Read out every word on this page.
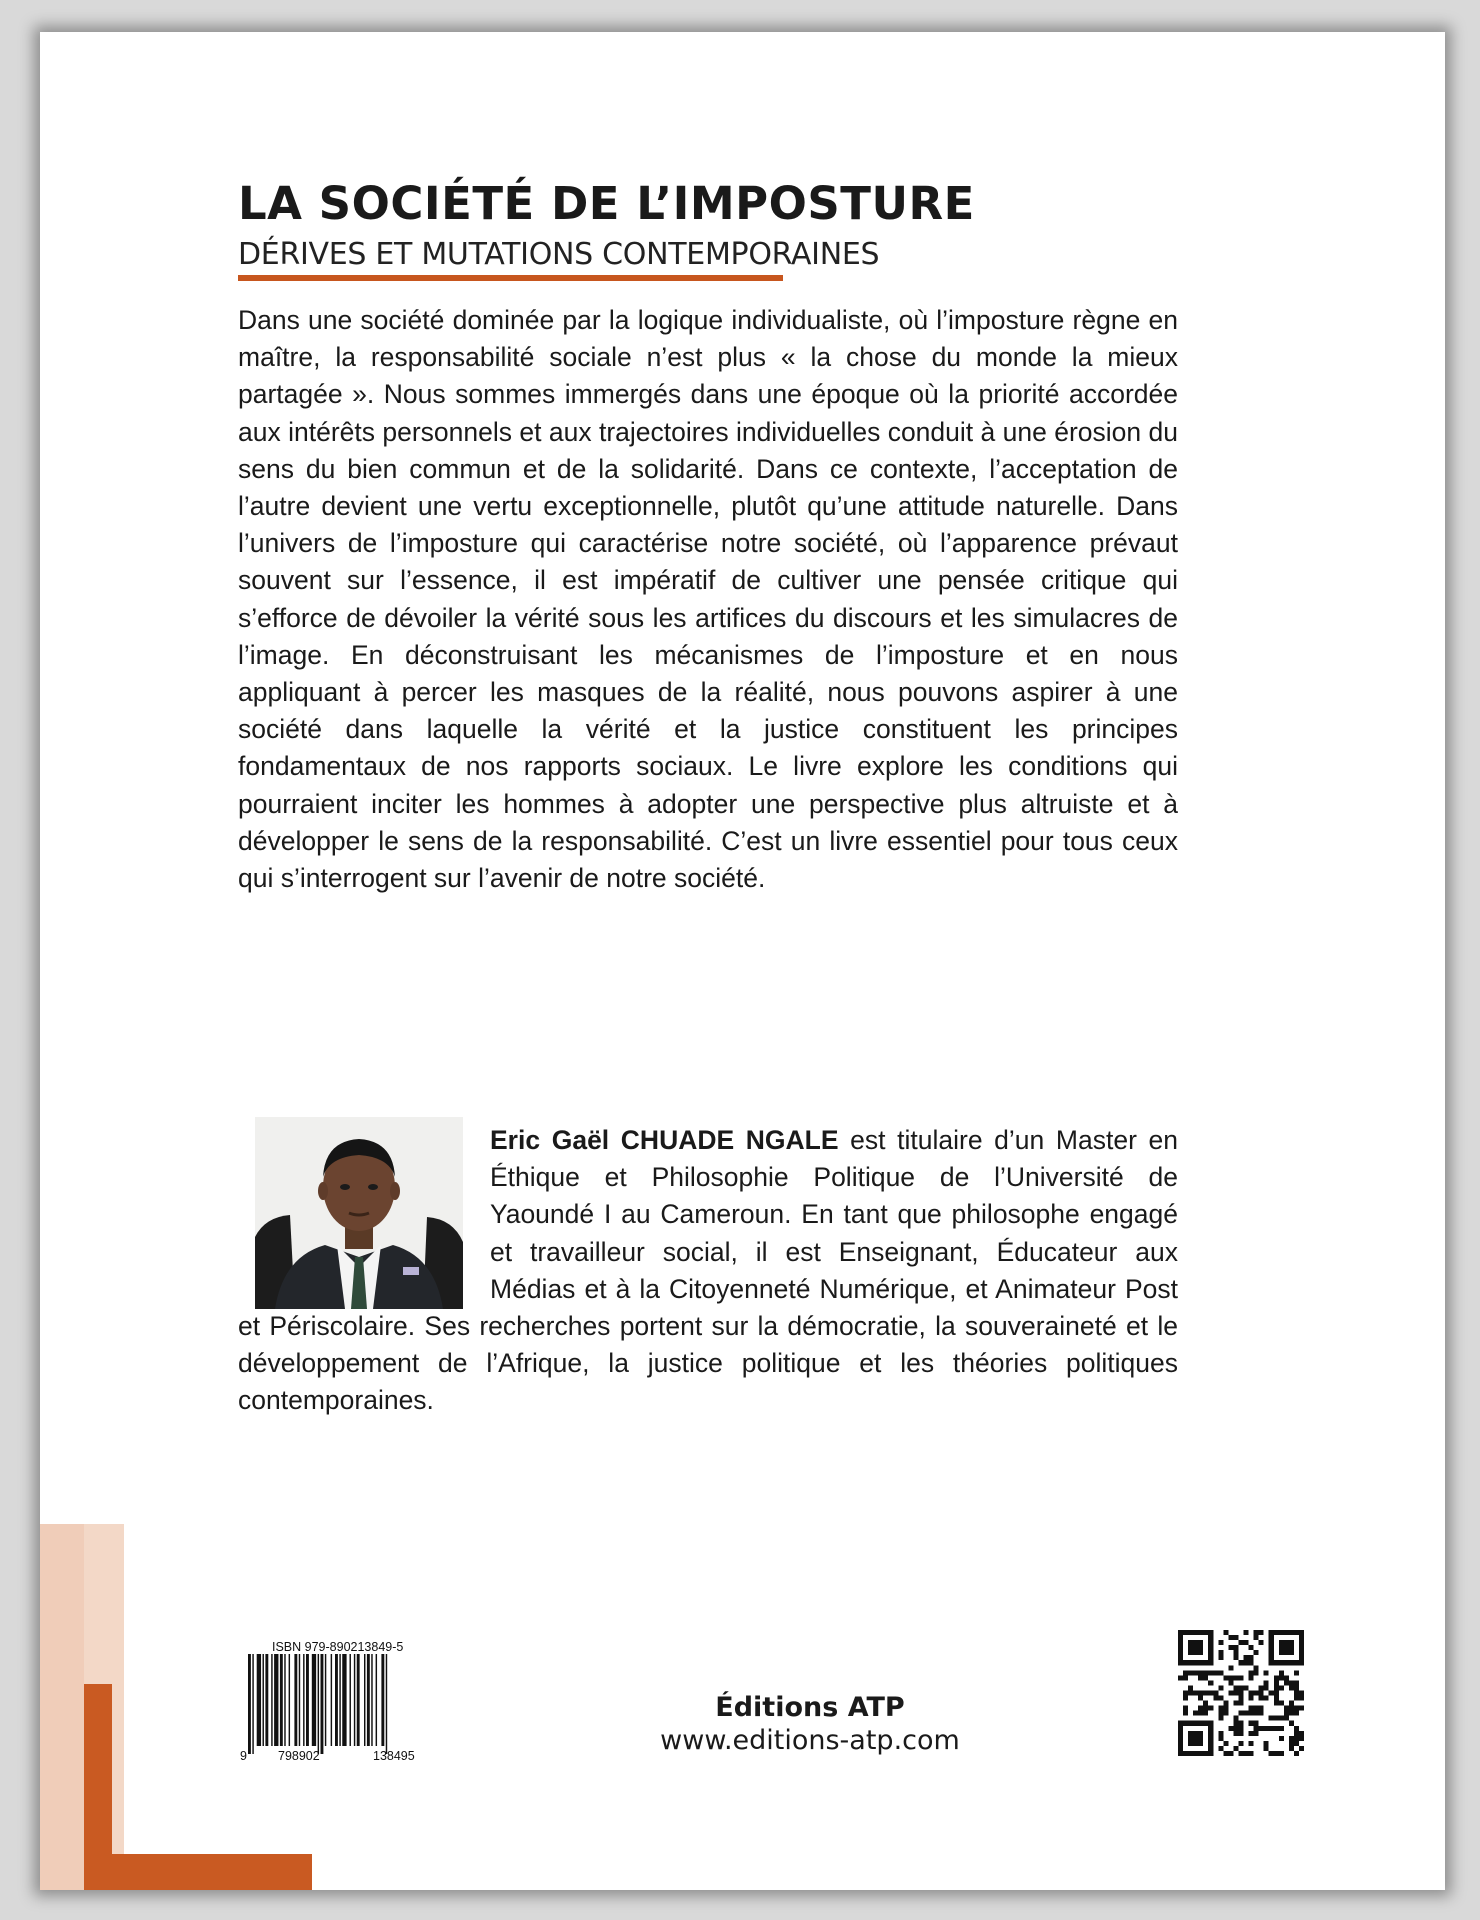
LA SOCIÉTÉ DE L’IMPOSTURE
DÉRIVES ET MUTATIONS CONTEMPORAINES

Dans une société dominée par la logique individualiste, où l’imposture règne en maître, la responsabilité sociale n’est plus « la chose du monde la mieux partagée ». Nous sommes immergés dans une époque où la priorité accordée aux intérêts personnels et aux trajectoires individuelles conduit à une érosion du sens du bien commun et de la solidarité. Dans ce contexte, l’acceptation de l’autre devient une vertu exceptionnelle, plutôt qu’une attitude naturelle. Dans l’univers de l’imposture qui caractérise notre société, où l’apparence prévaut souvent sur l’essence, il est impératif de cultiver une pensée critique qui s’efforce de dévoiler la vérité sous les artifices du discours et les simulacres de l’image. En déconstruisant les mécanismes de l’imposture et en nous appliquant à percer les masques de la réalité, nous pouvons aspirer à une société dans laquelle la vérité et la justice constituent les principes fondamentaux de nos rapports sociaux. Le livre explore les conditions qui pourraient inciter les hommes à adopter une perspective plus altruiste et à développer le sens de la responsabilité. C’est un livre essentiel pour tous ceux qui s’interrogent sur l’avenir de notre société.

Eric Gaël CHUADE NGALE est titulaire d’un Master en Éthique et Philosophie Politique de l’Université de Yaoundé I au Cameroun. En tant que philosophe engagé et travailleur social, il est Enseignant, Éducateur aux Médias et à la Citoyenneté Numérique, et Animateur Post et Périscolaire. Ses recherches portent sur la démocratie, la souveraineté et le développement de l’Afrique, la justice politique et les théories politiques contemporaines.

ISBN 979-890213849-5
9 798902	138495
Éditions ATP
www.editions-atp.com
